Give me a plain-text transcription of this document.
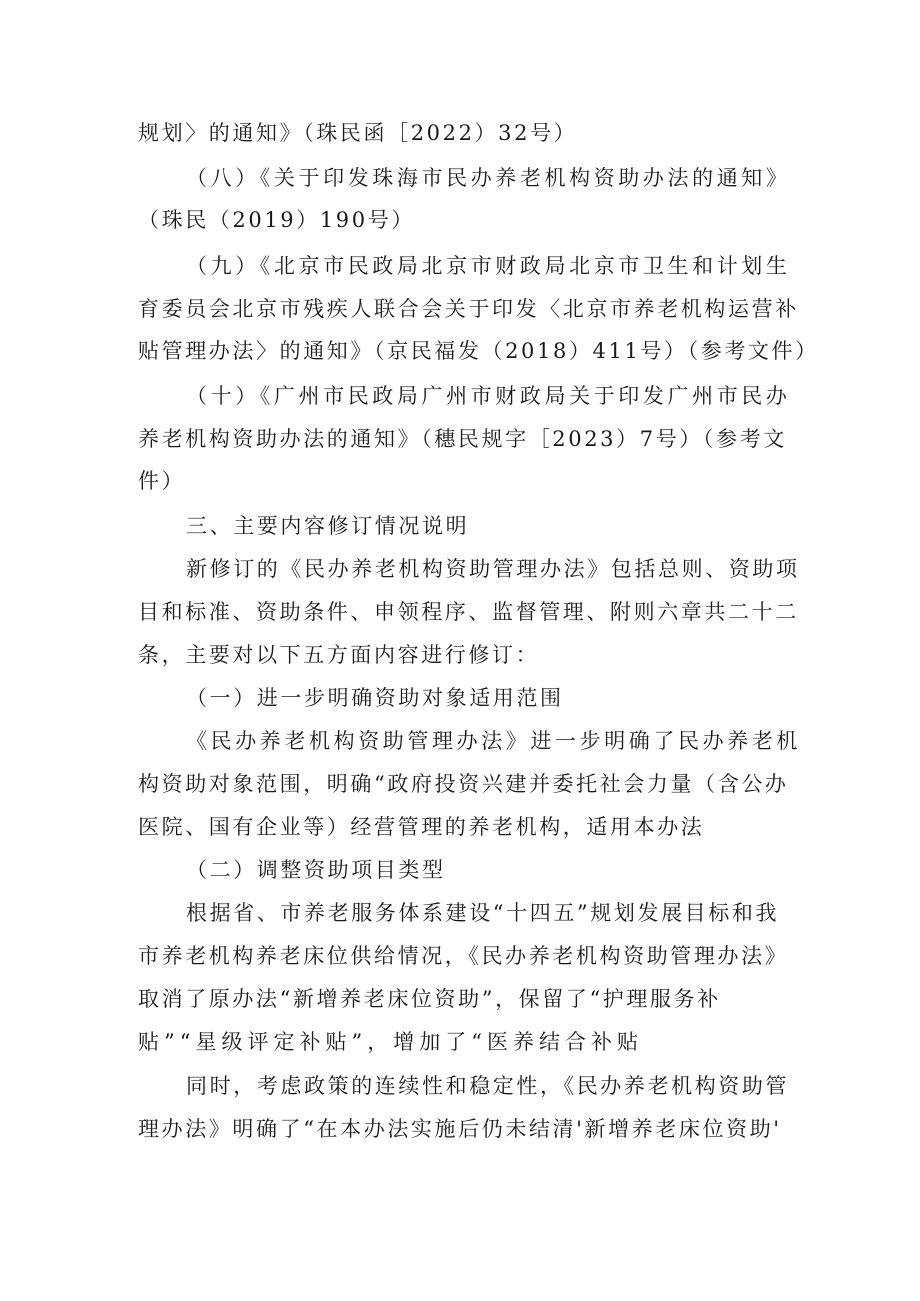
规划〉的通知》（珠民函［2022）32号）
（八）《关于印发珠海市民办养老机构资助办法的通知》
（珠民（2019）190号）
（九）《北京市民政局北京市财政局北京市卫生和计划生
育委员会北京市残疾人联合会关于印发〈北京市养老机构运营补
贴管理办法〉的通知》（京民福发（2018）411号）（参考文件）
（十）《广州市民政局广州市财政局关于印发广州市民办
养老机构资助办法的通知》（穗民规字［2023）7号）（参考文
件）
三、主要内容修订情况说明
新修订的《民办养老机构资助管理办法》包括总则、资助项
目和标准、资助条件、申领程序、监督管理、附则六章共二十二
条，主要对以下五方面内容进行修订：
（一）进一步明确资助对象适用范围
《民办养老机构资助管理办法》进一步明确了民办养老机
构资助对象范围，明确“政府投资兴建并委托社会力量（含公办
医院、国有企业等）经营管理的养老机构，适用本办法
（二）调整资助项目类型
根据省、市养老服务体系建设“十四五”规划发展目标和我
市养老机构养老床位供给情况，《民办养老机构资助管理办法》
取消了原办法“新增养老床位资助”，保留了“护理服务补
贴”“星级评定补贴”，增加了“医养结合补贴
同时，考虑政策的连续性和稳定性，《民办养老机构资助管
理办法》明确了“在本办法实施后仍未结清'新增养老床位资助'
